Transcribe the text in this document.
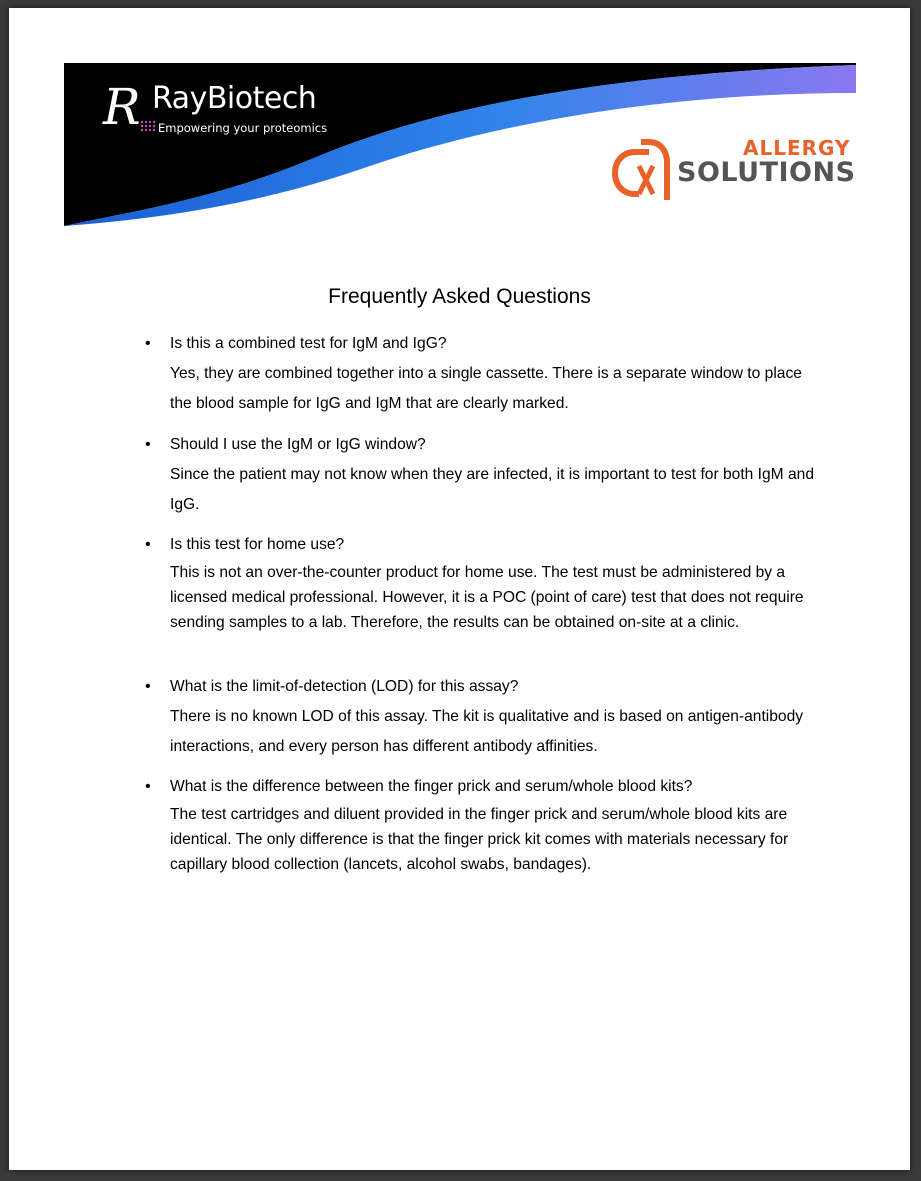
R RayBiotech
Empowering your proteomics
ALLERGY
SOLUTIONS
Frequently Asked Questions
• Is this a combined test for IgM and IgG?

Yes, they are combined together into a single cassette. There is a separate window to place the blood sample for IgG and IgM that are clearly marked.

• Should I use the IgM or IgG window?

Since the patient may not know when they are infected, it is important to test for both IgM and IgG.

• Is this test for home use?

This is not an over-the-counter product for home use. The test must be administered by a licensed medical professional. However, it is a POC (point of care) test that does not require sending samples to a lab. Therefore, the results can be obtained on-site at a clinic.

• What is the limit-of-detection (LOD) for this assay?

There is no known LOD of this assay. The kit is qualitative and is based on antigen-antibody interactions, and every person has different antibody affinities.

• What is the difference between the finger prick and serum/whole blood kits?

The test cartridges and diluent provided in the finger prick and serum/whole blood kits are identical. The only difference is that the finger prick kit comes with materials necessary for capillary blood collection (lancets, alcohol swabs, bandages).
